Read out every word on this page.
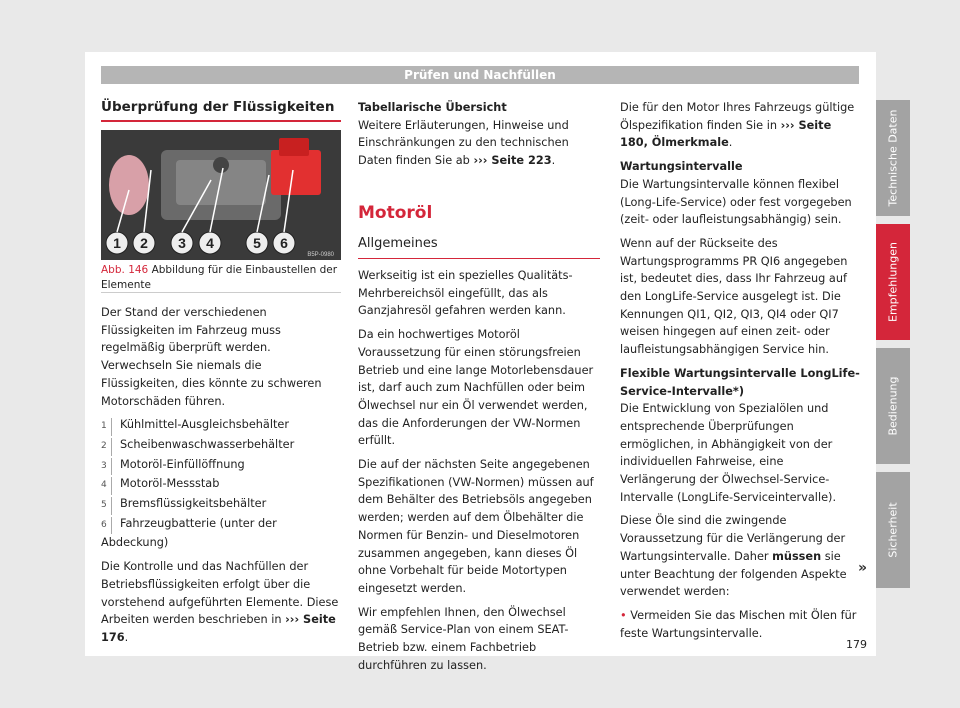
Prüfen und Nachfüllen
Technische Daten
Empfehlungen
Bedienung
Sicherheit
Überprüfung der Flüssigkeiten
1 2 3 4	5 6
B5P-0980
Abb. 146 Abbildung für die Einbaustellen der Elemente

Der Stand der verschiedenen Flüssigkeiten im Fahrzeug muss regelmäßig überprüft werden. Verwechseln Sie niemals die Flüssigkeiten, dies könnte zu schweren Motorschäden führen.

1 Kühlmittel-Ausgleichsbehälter
2 Scheibenwaschwasserbehälter
3 Motoröl-Einfüllöffnung
4 Motoröl-Messstab
5 Bremsflüssigkeitsbehälter
6 Fahrzeugbatterie (unter der Abdeckung)

Die Kontrolle und das Nachfüllen der Betriebsflüssigkeiten erfolgt über die vorstehend aufgeführten Elemente. Diese Arbeiten werden beschrieben in ››› Seite 176.

Tabellarische Übersicht

Weitere Erläuterungen, Hinweise und Einschränkungen zu den technischen Daten finden Sie ab ››› Seite 223.

Motoröl
Allgemeines

Werkseitig ist ein spezielles Qualitäts-Mehrbereichsöl eingefüllt, das als Ganzjahresöl gefahren werden kann.

Da ein hochwertiges Motoröl Voraussetzung für einen störungsfreien Betrieb und eine lange Motorlebensdauer ist, darf auch zum Nachfüllen oder beim Ölwechsel nur ein Öl verwendet werden, das die Anforderungen der VW-Normen erfüllt.

Die auf der nächsten Seite angegebenen Spezifikationen (VW-Normen) müssen auf dem Behälter des Betriebsöls angegeben werden; werden auf dem Ölbehälter die Normen für Benzin- und Dieselmotoren zusammen angegeben, kann dieses Öl ohne Vorbehalt für beide Motortypen eingesetzt werden.

Wir empfehlen Ihnen, den Ölwechsel gemäß Service-Plan von einem SEAT-Betrieb bzw. einem Fachbetrieb durchführen zu lassen.

Die für den Motor Ihres Fahrzeugs gültige Ölspezifikation finden Sie in ››› Seite 180, Ölmerkmale.

Wartungsintervalle

Die Wartungsintervalle können flexibel (Long-Life-Service) oder fest vorgegeben (zeit- oder laufleistungsabhängig) sein.

Wenn auf der Rückseite des Wartungsprogramms PR QI6 angegeben ist, bedeutet dies, dass Ihr Fahrzeug auf den LongLife-Service ausgelegt ist. Die Kennungen QI1, QI2, QI3, QI4 oder QI7 weisen hingegen auf einen zeit- oder laufleistungsabhängigen Service hin.

Flexible Wartungsintervalle LongLife-Service-Intervalle*)

Die Entwicklung von Spezialölen und entsprechende Überprüfungen ermöglichen, in Abhängigkeit von der individuellen Fahrweise, eine Verlängerung der Ölwechsel-Service-Intervalle (LongLife-Serviceintervalle).

Diese Öle sind die zwingende Voraussetzung für die Verlängerung der Wartungsintervalle. Daher müssen sie unter Beachtung der folgenden Aspekte verwendet werden:

• Vermeiden Sie das Mischen mit Ölen für feste Wartungsintervalle.

»
179
